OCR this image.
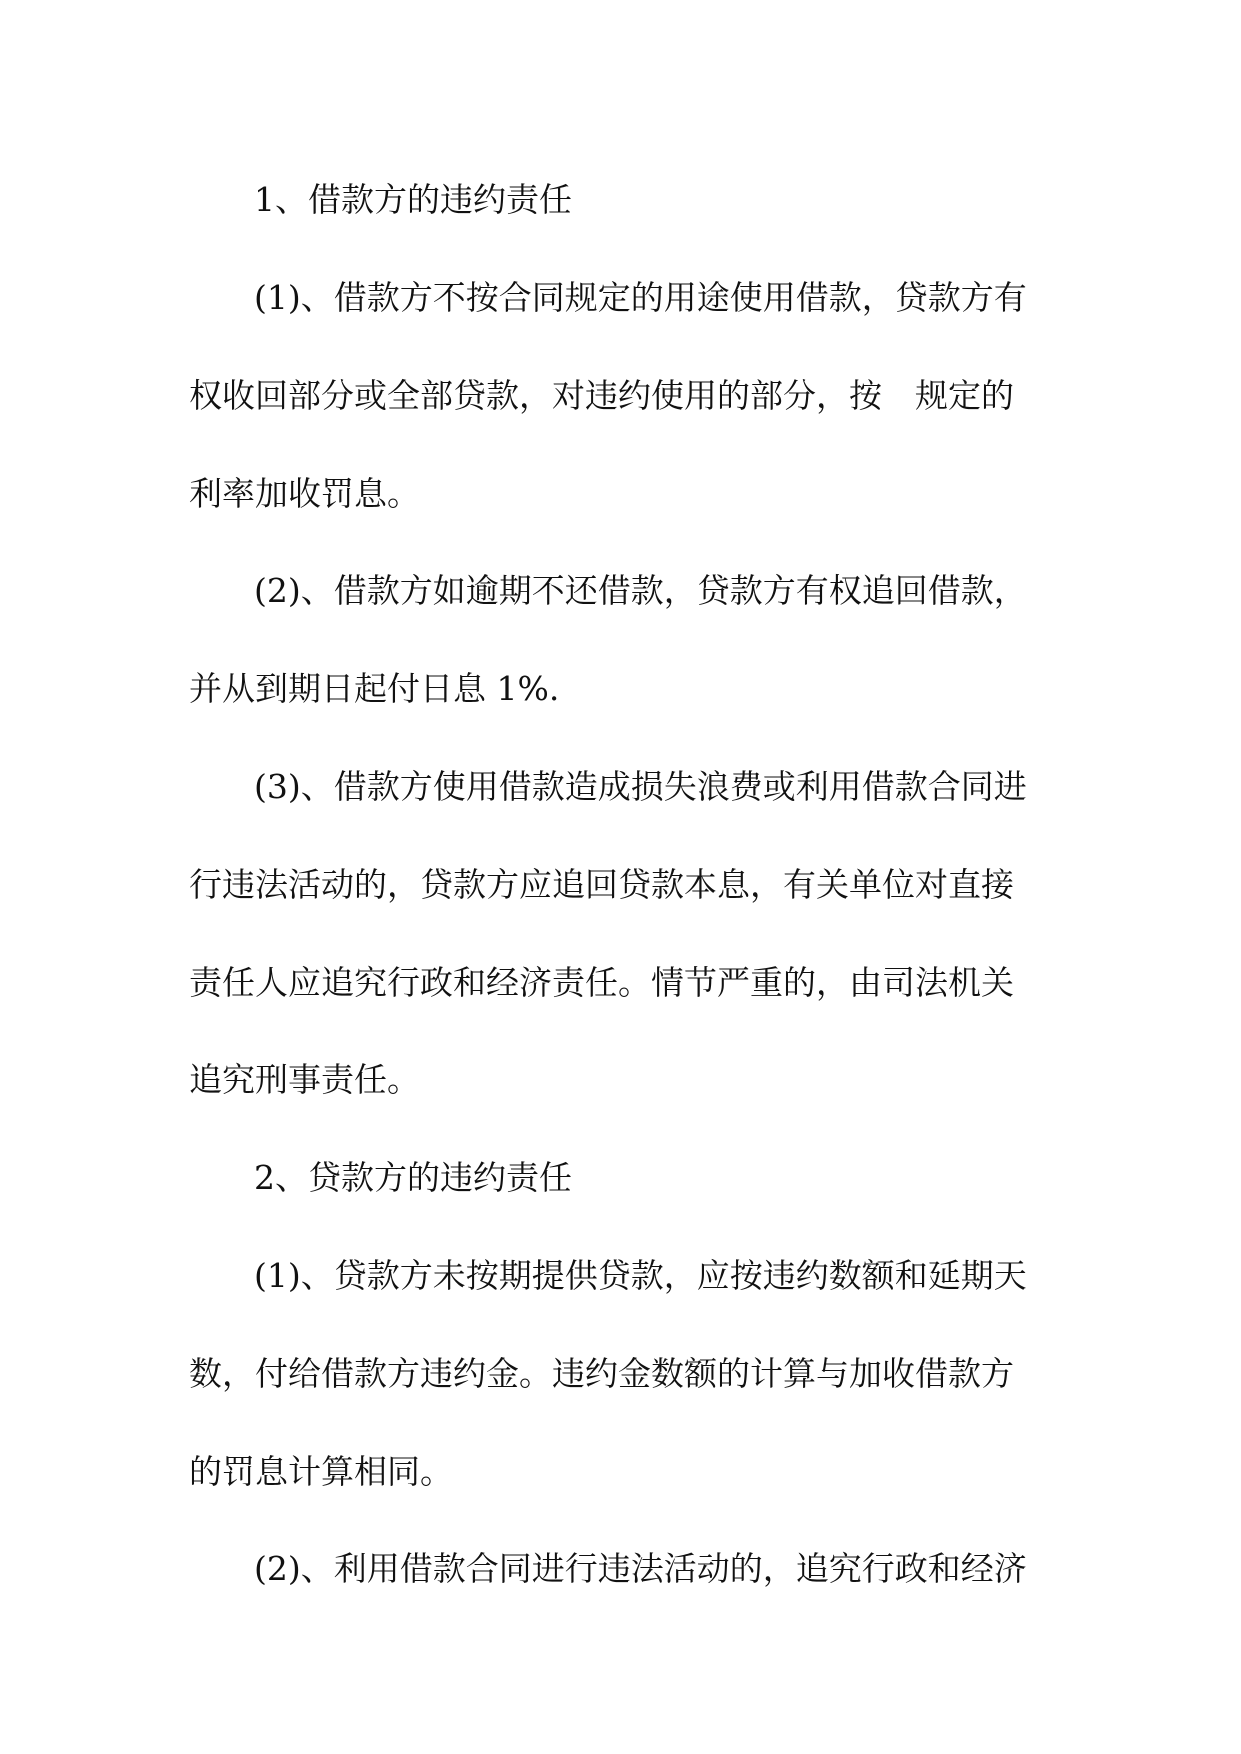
1、借款方的违约责任
(1)、借款方不按合同规定的用途使用借款，贷款方有
权收回部分或全部贷款，对违约使用的部分，按　规定的
利率加收罚息。
(2)、借款方如逾期不还借款，贷款方有权追回借款，
并从到期日起付日息 1%.
(3)、借款方使用借款造成损失浪费或利用借款合同进
行违法活动的，贷款方应追回贷款本息，有关单位对直接
责任人应追究行政和经济责任。情节严重的，由司法机关
追究刑事责任。
2、贷款方的违约责任
(1)、贷款方未按期提供贷款，应按违约数额和延期天
数，付给借款方违约金。违约金数额的计算与加收借款方
的罚息计算相同。
(2)、利用借款合同进行违法活动的，追究行政和经济
